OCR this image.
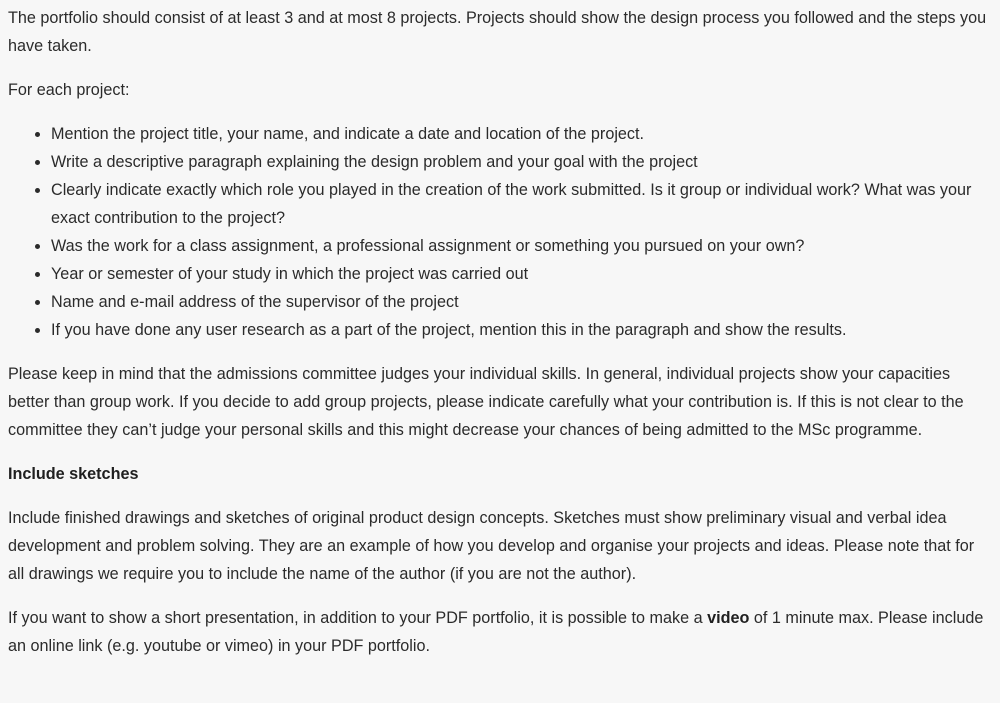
The portfolio should consist of at least 3 and at most 8 projects. Projects should show the design process you followed and the steps you have taken.

For each project:

• Mention the project title, your name, and indicate a date and location of the project.
• Write a descriptive paragraph explaining the design problem and your goal with the project
• Clearly indicate exactly which role you played in the creation of the work submitted. Is it group or individual work? What was your exact contribution to the project?
• Was the work for a class assignment, a professional assignment or something you pursued on your own?
• Year or semester of your study in which the project was carried out
• Name and e-mail address of the supervisor of the project
• If you have done any user research as a part of the project, mention this in the paragraph and show the results.

Please keep in mind that the admissions committee judges your individual skills. In general, individual projects show your capacities better than group work. If you decide to add group projects, please indicate carefully what your contribution is. If this is not clear to the committee they can’t judge your personal skills and this might decrease your chances of being admitted to the MSc programme.

Include sketches

Include finished drawings and sketches of original product design concepts. Sketches must show preliminary visual and verbal idea development and problem solving. They are an example of how you develop and organise your projects and ideas. Please note that for all drawings we require you to include the name of the author (if you are not the author).

If you want to show a short presentation, in addition to your PDF portfolio, it is possible to make a video of 1 minute max. Please include an online link (e.g. youtube or vimeo) in your PDF portfolio.
